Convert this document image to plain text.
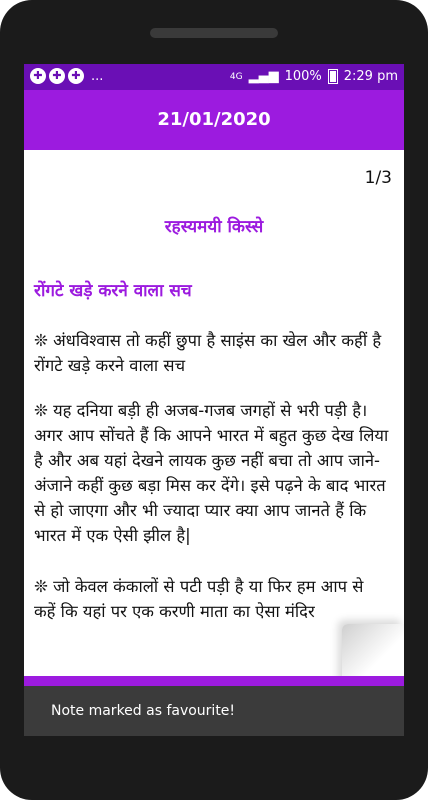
✚ ✚ ✚ ...	4G ▂▄▆ 100% 2:29 pm
21/01/2020
1/3
रहस्यमयी किस्से
रोंगटे खड़े करने वाला सच
❊ अंधविश्वास तो कहीं छुपा है साइंस का खेल और कहीं है रोंगटे खड़े करने वाला सच
❊ यह दनिया बड़ी ही अजब-गजब जगहों से भरी पड़ी है। अगर आप सोंचते हैं कि आपने भारत में बहुत कुछ देख लिया है और अब यहां देखने लायक कुछ नहीं बचा तो आप जाने-अंजाने कहीं कुछ बड़ा मिस कर देंगे। इसे पढ़ने के बाद भारत से हो जाएगा और भी ज्यादा प्यार क्या आप जानते हैं कि भारत में एक ऐसी झील है|
❊ जो केवल कंकालों से पटी पड़ी है या फिर हम आप से कहें कि यहां पर एक करणी माता का ऐसा मंदिर
Note marked as favourite!
